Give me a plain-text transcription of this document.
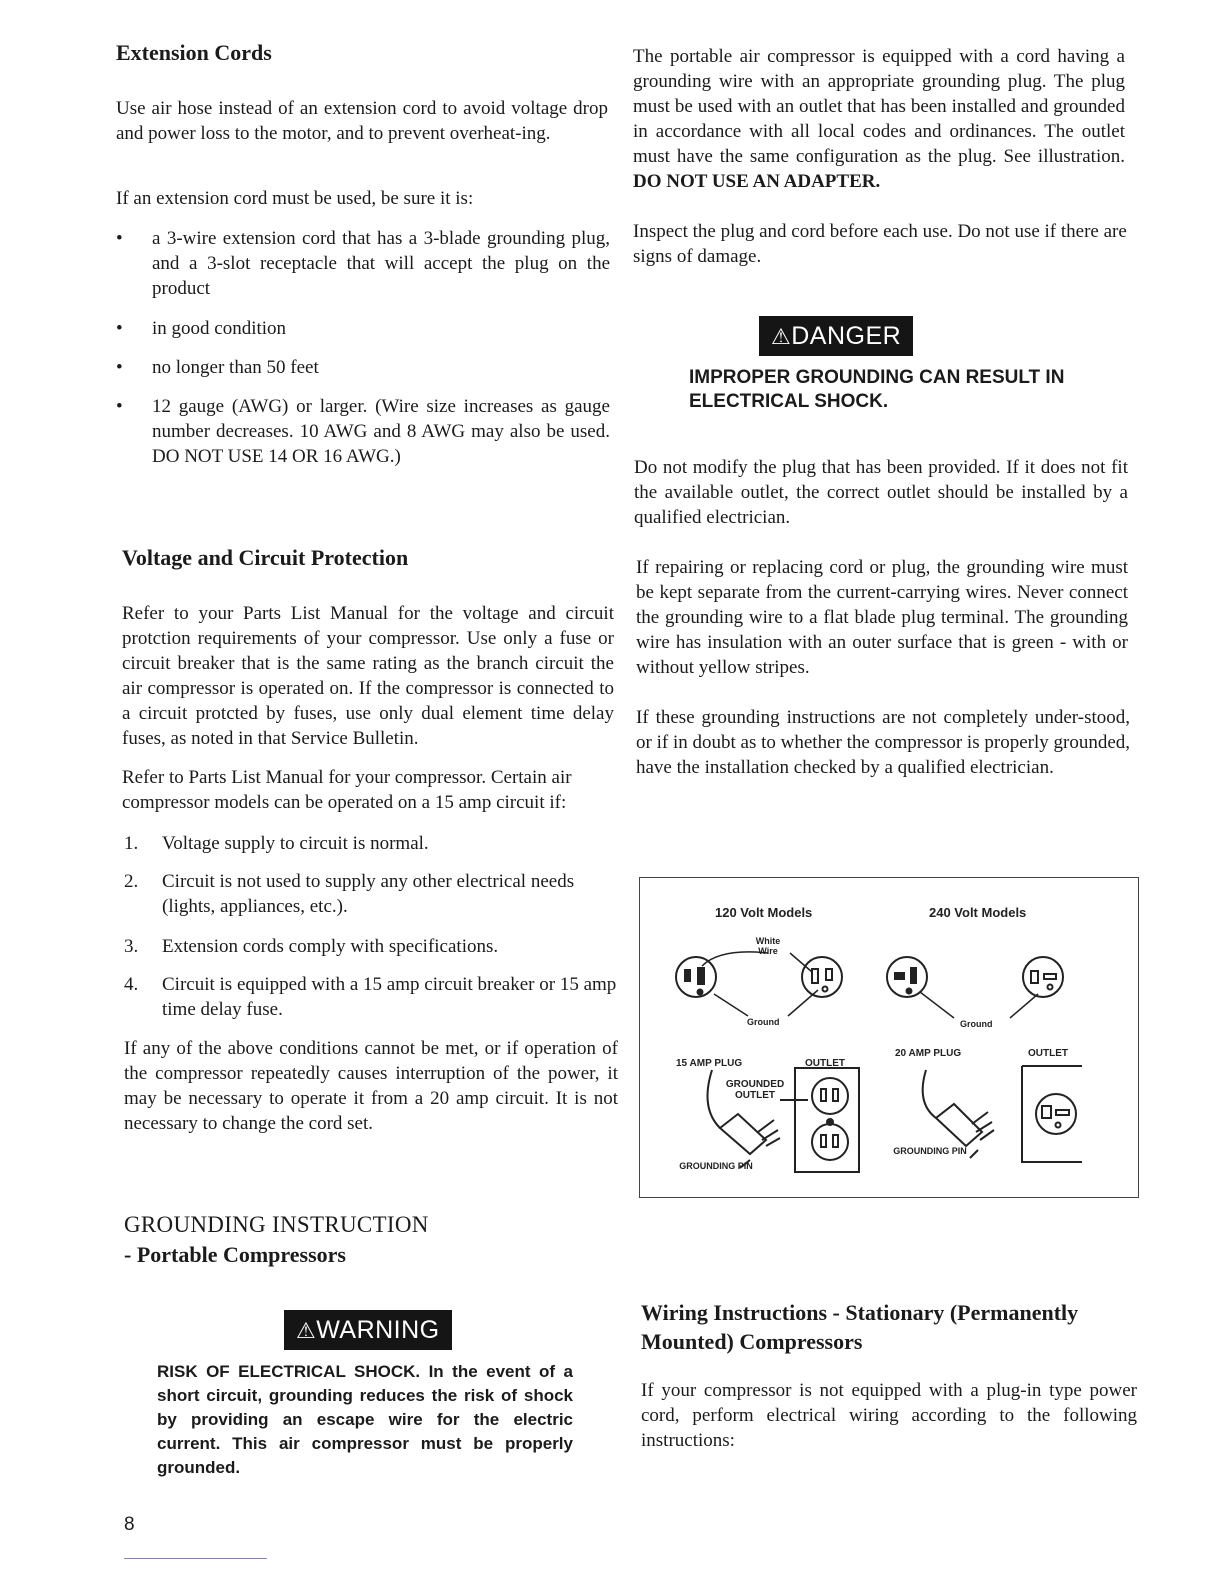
Extension Cords

Use air hose instead of an extension cord to avoid voltage drop and power loss to the motor, and to prevent overheat-ing.

If an extension cord must be used, be sure it is:

• a 3-wire extension cord that has a 3-blade grounding plug, and a 3-slot receptacle that will accept the plug on the product
• in good condition
• no longer than 50 feet
• 12 gauge (AWG) or larger. (Wire size increases as gauge number decreases. 10 AWG and 8 AWG may also be used. DO NOT USE 14 OR 16 AWG.)
Voltage and Circuit Protection

Refer to your Parts List Manual for the voltage and circuit protction requirements of your compressor. Use only a fuse or circuit breaker that is the same rating as the branch circuit the air compressor is operated on. If the compressor is connected to a circuit protcted by fuses, use only dual element time delay fuses, as noted in that Service Bulletin.

Refer to Parts List Manual for your compressor. Certain air compressor models can be operated on a 15 amp circuit if:

1. Voltage supply to circuit is normal.
2. Circuit is not used to supply any other electrical needs (lights, appliances, etc.).
3. Extension cords comply with specifications.
4. Circuit is equipped with a 15 amp circuit breaker or 15 amp time delay fuse.

If any of the above conditions cannot be met, or if operation of the compressor repeatedly causes interruption of the power, it may be necessary to operate it from a 20 amp circuit. It is not necessary to change the cord set.

GROUNDING INSTRUCTION
- Portable Compressors
⚠WARNING

RISK OF ELECTRICAL SHOCK. In the event of a short circuit, grounding reduces the risk of shock by providing an escape wire for the electric current. This air compressor must be properly grounded.

8

The portable air compressor is equipped with a cord having a grounding wire with an appropriate grounding plug. The plug must be used with an outlet that has been installed and grounded in accordance with all local codes and ordinances. The outlet must have the same configuration as the plug. See illustration. DO NOT USE AN ADAPTER.

Inspect the plug and cord before each use. Do not use if there are signs of damage.

⚠DANGER

IMPROPER GROUNDING CAN RESULT IN ELECTRICAL SHOCK.

Do not modify the plug that has been provided. If it does not fit the available outlet, the correct outlet should be installed by a qualified electrician.

If repairing or replacing cord or plug, the grounding wire must be kept separate from the current-carrying wires. Never connect the grounding wire to a flat blade plug terminal. The grounding wire has insulation with an outer surface that is green - with or without yellow stripes.

If these grounding instructions are not completely under-stood, or if in doubt as to whether the compressor is properly grounded, have the installation checked by a qualified electrician.

120 Volt Models	240 Volt Models
White Wire
Ground	Ground
15 AMP PLUG	OUTLET
GROUNDED OUTLET
GROUNDING PIN
20 AMP PLUG	OUTLET
GROUNDING PIN
Wiring Instructions - Stationary (Permanently Mounted) Compressors

If your compressor is not equipped with a plug-in type power cord, perform electrical wiring according to the following instructions:
